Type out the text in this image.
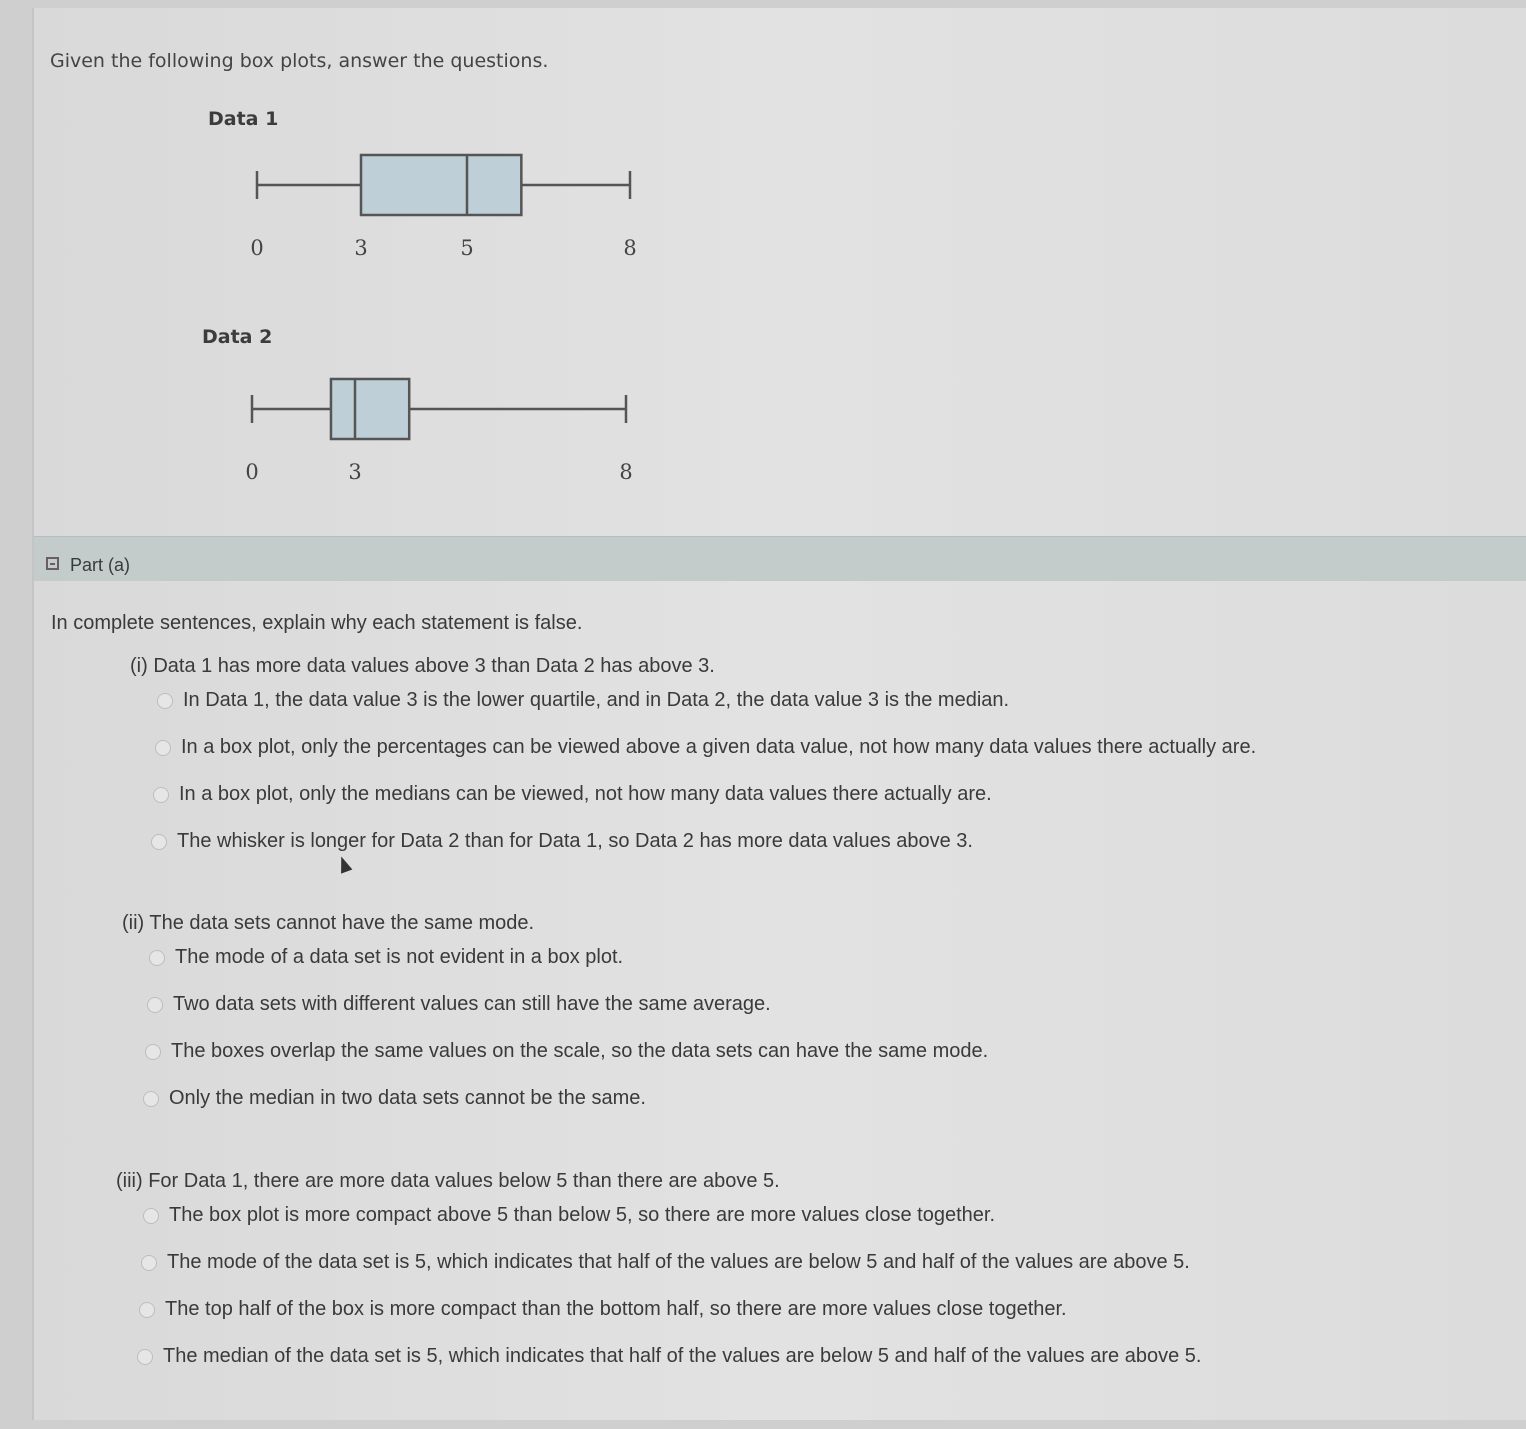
Given the following box plots, answer the questions.
Data 1
0	3	5	8
Data 2
0	3	8
Part (a)
In complete sentences, explain why each statement is false.
(i) Data 1 has more data values above 3 than Data 2 has above 3.
In Data 1, the data value 3 is the lower quartile, and in Data 2, the data value 3 is the median.
In a box plot, only the percentages can be viewed above a given data value, not how many data values there actually are.
In a box plot, only the medians can be viewed, not how many data values there actually are.
The whisker is longer for Data 2 than for Data 1, so Data 2 has more data values above 3.
(ii) The data sets cannot have the same mode.
The mode of a data set is not evident in a box plot.
Two data sets with different values can still have the same average.
The boxes overlap the same values on the scale, so the data sets can have the same mode.
Only the median in two data sets cannot be the same.
(iii) For Data 1, there are more data values below 5 than there are above 5.
The box plot is more compact above 5 than below 5, so there are more values close together.
The mode of the data set is 5, which indicates that half of the values are below 5 and half of the values are above 5.
The top half of the box is more compact than the bottom half, so there are more values close together.
The median of the data set is 5, which indicates that half of the values are below 5 and half of the values are above 5.
